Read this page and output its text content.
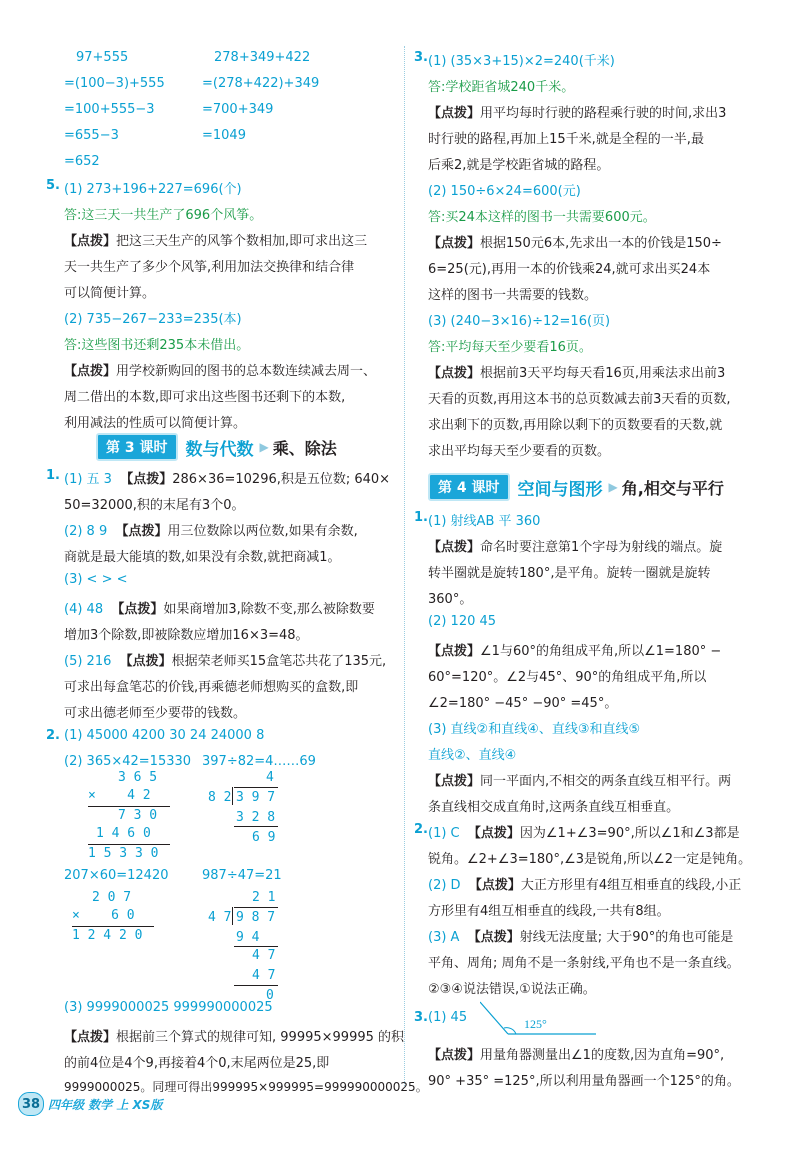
97+555
=(100−3)+555
=100+555−3
=655−3
=652
278+349+422
=(278+422)+349
=700+349
=1049
5. (1) 273+196+227=696(个)
答:这三天一共生产了696个风筝。
【点拨】把这三天生产的风筝个数相加,即可求出这三
天一共生产了多少个风筝,利用加法交换律和结合律
可以简便计算。
(2) 735−267−233=235(本)
答:这些图书还剩235本未借出。
【点拨】用学校新购回的图书的总本数连续减去周一、
周二借出的本数,即可求出这些图书还剩下的本数,
利用减法的性质可以简便计算。
第 3 课时	数与代数 ▶ 乘、除法
1. (1) 五 3 【点拨】286×36=10296,积是五位数; 640×
50=32000,积的末尾有3个0。
(2) 8 9 【点拨】用三位数除以两位数,如果有余数,
商就是最大能填的数,如果没有余数,就把商减1。
(3) < > <
(4) 48 【点拨】如果商增加3,除数不变,那么被除数要
增加3个除数,即被除数应增加16×3=48。
(5) 216 【点拨】根据荣老师买15盒笔芯共花了135元,
可求出每盒笔芯的价钱,再乘德老师想购买的盒数,即
可求出德老师至少要带的钱数。
2. (1) 45000 4200 30 24 24000 8
(2) 365×42=15330 397÷82=4……69
3 6 5
×    4 2
7 3 0
1 4 6 0
1 5 3 3 0
4
8 2 3 9 7
3 2 8
6 9
207×60=12420	987÷47=21
2 0 7
×    6 0
1 2 4 2 0
2 1
4 7 9 8 7
9 4
4 7
4 7
0
(3) 9999000025 999990000025
【点拨】根据前三个算式的规律可知, 99995×99995 的积
的前4位是4个9,再接着4个0,末尾两位是25,即
9999000025。同理可得出999995×999995=999990000025。
3. (1) (35×3+15)×2=240(千米)
答:学校距省城240千米。
【点拨】用平均每时行驶的路程乘行驶的时间,求出3
时行驶的路程,再加上15千米,就是全程的一半,最
后乘2,就是学校距省城的路程。
(2) 150÷6×24=600(元)
答:买24本这样的图书一共需要600元。
【点拨】根据150元6本,先求出一本的价钱是150÷
6=25(元),再用一本的价钱乘24,就可求出买24本
这样的图书一共需要的钱数。
(3) (240−3×16)÷12=16(页)
答:平均每天至少要看16页。
【点拨】根据前3天平均每天看16页,用乘法求出前3
天看的页数,再用这本书的总页数减去前3天看的页数,
求出剩下的页数,再用除以剩下的页数要看的天数,就
求出平均每天至少要看的页数。
第 4 课时	空间与图形 ▶ 角,相交与平行
1. (1) 射线AB 平 360
【点拨】命名时要注意第1个字母为射线的端点。旋
转半圈就是旋转180°,是平角。旋转一圈就是旋转
360°。
(2) 120 45
【点拨】∠1与60°的角组成平角,所以∠1=180° −
60°=120°。∠2与45°、90°的角组成平角,所以
∠2=180° −45° −90° =45°。
(3) 直线②和直线④、直线③和直线⑤
直线②、直线④
【点拨】同一平面内,不相交的两条直线互相平行。两
条直线相交成直角时,这两条直线互相垂直。
2. (1) C 【点拨】因为∠1+∠3=90°,所以∠1和∠3都是
锐角。∠2+∠3=180°,∠3是锐角,所以∠2一定是钝角。
(2) D 【点拨】大正方形里有4组互相垂直的线段,小正
方形里有4组互相垂直的线段,一共有8组。
(3) A 【点拨】射线无法度量; 大于90°的角也可能是
平角、周角; 周角不是一条射线,平角也不是一条直线。
②③④说法错误,①说法正确。
3. (1) 45	125°
【点拨】用量角器测量出∠1的度数,因为直角=90°,
90° +35° =125°,所以利用量角器画一个125°的角。
38 四年级 数学 上 XS版
